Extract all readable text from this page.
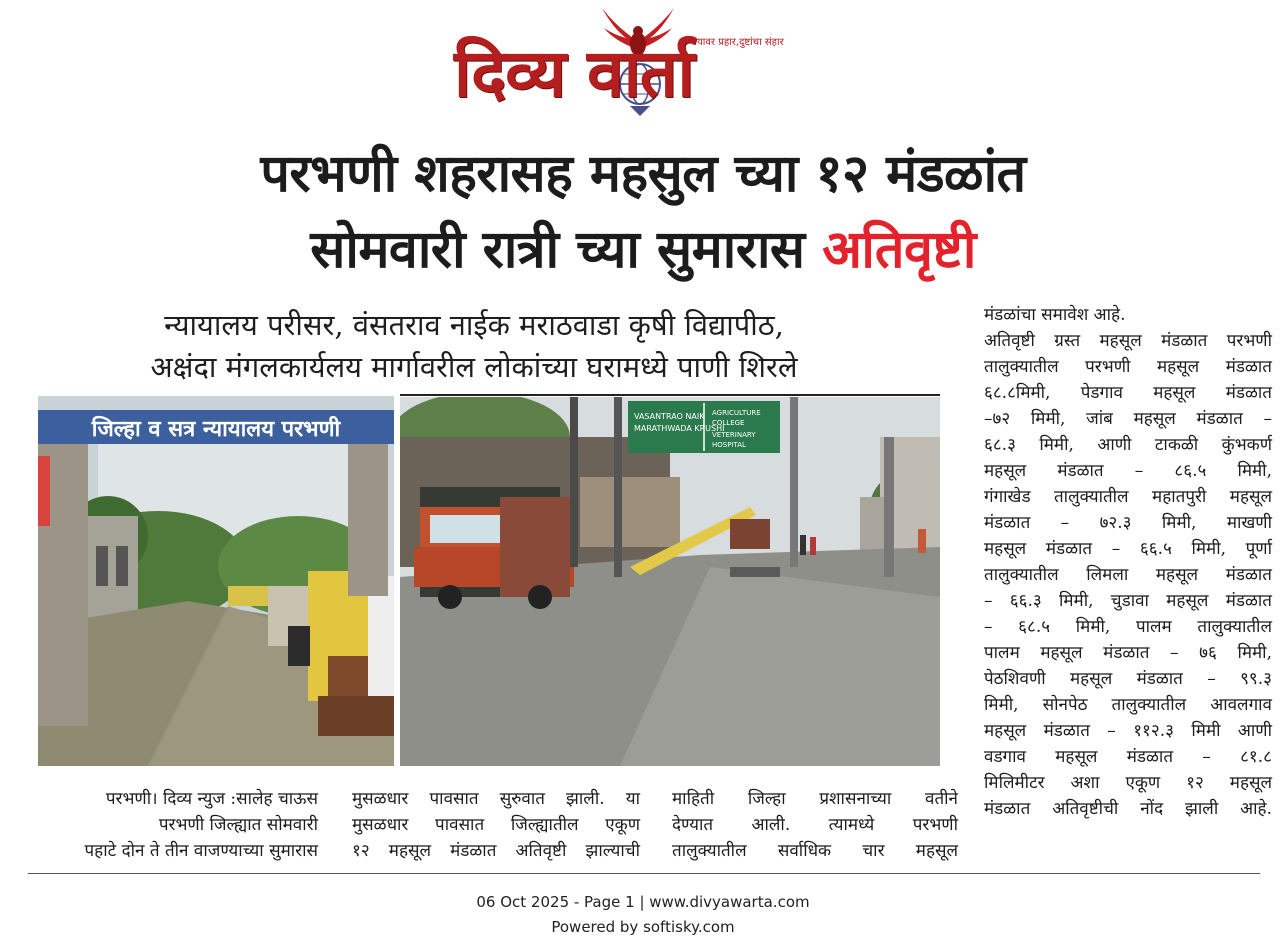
दिव्य वार्ता
अन्यायावर प्रहार,दुष्टांचा संहार
परभणी शहरासह महसुल च्या १२ मंडळांत
सोमवारी रात्री च्या सुमारास अतिवृष्टी
न्यायालय परीसर, वंसतराव नाईक मराठवाडा कृषी विद्यापीठ,
अक्षंदा मंगलकार्यलय मार्गावरील लोकांच्या घरामध्ये पाणी शिरले
जिल्हा व सत्र न्यायालय परभणी
VASANTRAO NAIK
MARATHWADA KRUSHI
AGRICULTURE
COLLEGE
VETERINARY
HOSPITAL

परभणी। दिव्य न्युज :सालेह चाऊस

परभणी जिल्ह्यात सोमवारी

पहाटे दोन ते तीन वाजण्याच्या सुमारास

मुसळधार पावसात सुरुवात झाली. या

मुसळधार पावसात जिल्ह्यातील एकूण

१२ महसूल मंडळात अतिवृष्टी झाल्याची

माहिती जिल्हा प्रशासनाच्या वतीने

देण्यात आली. त्यामध्ये परभणी

तालुक्यातील सर्वाधिक चार महसूल

मंडळांचा समावेश आहे.

अतिवृष्टी ग्रस्त महसूल मंडळात परभणी

तालुक्यातील परभणी महसूल मंडळात

६८.८मिमी, पेडगाव महसूल मंडळात

–७२ मिमी, जांब महसूल मंडळात –

६८.३ मिमी, आणी टाकळी कुंभकर्ण

महसूल मंडळात – ८६.५ मिमी,

गंगाखेड तालुक्यातील महातपुरी महसूल

मंडळात – ७२.३ मिमी, माखणी

महसूल मंडळात – ६६.५ मिमी, पूर्णा

तालुक्यातील लिमला महसूल मंडळात

– ६६.३ मिमी, चुडावा महसूल मंडळात

– ६८.५ मिमी, पालम तालुक्यातील

पालम महसूल मंडळात – ७६ मिमी,

पेठशिवणी महसूल मंडळात – ९९.३

मिमी, सोनपेठ तालुक्यातील आवलगाव

महसूल मंडळात – ११२.३ मिमी आणी

वडगाव महसूल मंडळात – ८१.८

मिलिमीटर अशा एकूण १२ महसूल

मंडळात अतिवृष्टीची नोंद झाली आहे.

06 Oct 2025 - Page 1 | www.divyawarta.com
Powered by softisky.com
